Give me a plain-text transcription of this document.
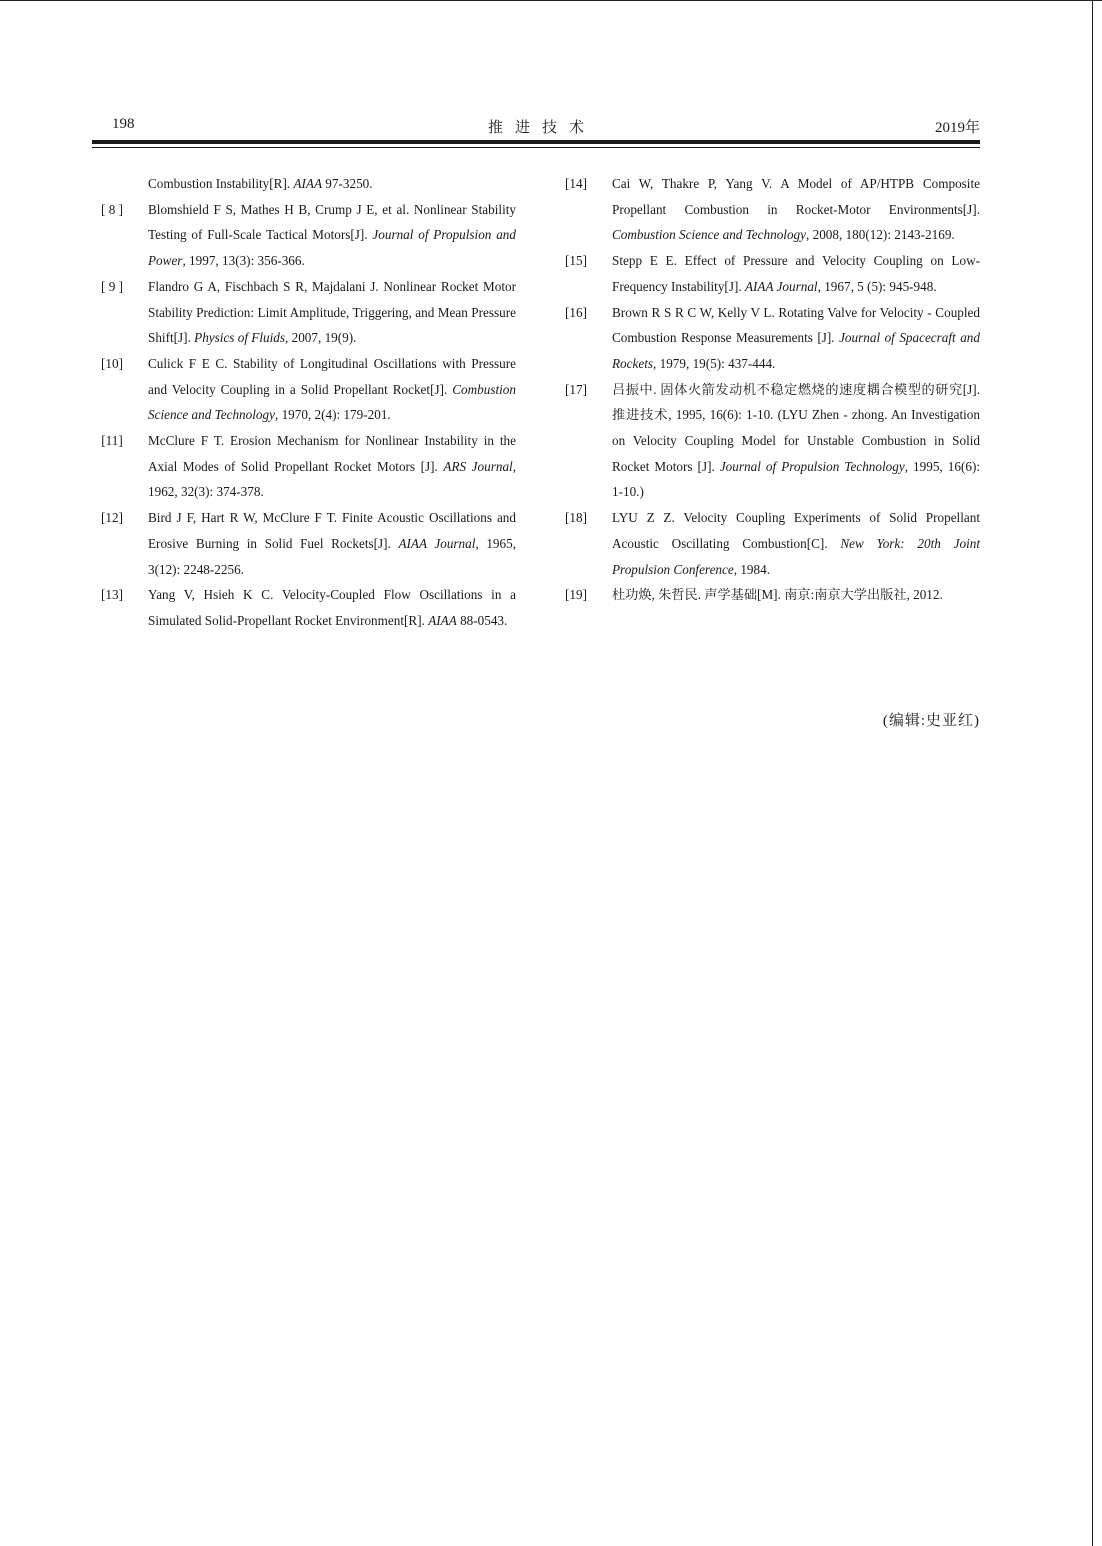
198	推进技术	2019年
Combustion Instability[R]. AIAA 97-3250.
[ 8 ]	Blomshield F S, Mathes H B, Crump J E, et al. Nonlinear Stability Testing of Full-Scale Tactical Motors[J]. Journal of Propulsion and Power, 1997, 13(3): 356-366.
[ 9 ]	Flandro G A, Fischbach S R, Majdalani J. Nonlinear Rocket Motor Stability Prediction: Limit Amplitude, Triggering, and Mean Pressure Shift[J]. Physics of Fluids, 2007, 19(9).
[10]	Culick F E C. Stability of Longitudinal Oscillations with Pressure and Velocity Coupling in a Solid Propellant Rocket[J]. Combustion Science and Technology, 1970, 2(4): 179-201.
[11]	McClure F T. Erosion Mechanism for Nonlinear Instability in the Axial Modes of Solid Propellant Rocket Motors [J]. ARS Journal, 1962, 32(3): 374-378.
[12]	Bird J F, Hart R W, McClure F T. Finite Acoustic Oscillations and Erosive Burning in Solid Fuel Rockets[J]. AIAA Journal, 1965, 3(12): 2248-2256.
[13]	Yang V, Hsieh K C. Velocity-Coupled Flow Oscillations in a Simulated Solid-Propellant Rocket Environment[R]. AIAA 88-0543.
[14]	Cai W, Thakre P, Yang V. A Model of AP/HTPB Composite Propellant Combustion in Rocket-Motor Environments[J]. Combustion Science and Technology, 2008, 180(12): 2143-2169.
[15]	Stepp E E. Effect of Pressure and Velocity Coupling on Low-Frequency Instability[J]. AIAA Journal, 1967, 5 (5): 945-948.
[16]	Brown R S R C W, Kelly V L. Rotating Valve for Velocity - Coupled Combustion Response Measurements [J]. Journal of Spacecraft and Rockets, 1979, 19(5): 437-444.
[17]	吕振中. 固体火箭发动机不稳定燃烧的速度耦合模型的研究[J]. 推进技术, 1995, 16(6): 1-10. (LYU Zhen - zhong. An Investigation on Velocity Coupling Model for Unstable Combustion in Solid Rocket Motors [J]. Journal of Propulsion Technology, 1995, 16(6): 1-10.)
[18]	LYU Z Z. Velocity Coupling Experiments of Solid Propellant Acoustic Oscillating Combustion[C]. New York: 20th Joint Propulsion Conference, 1984.
[19]	杜功焕, 朱哲民. 声学基础[M]. 南京:南京大学出版社, 2012.
(编辑:史亚红)
